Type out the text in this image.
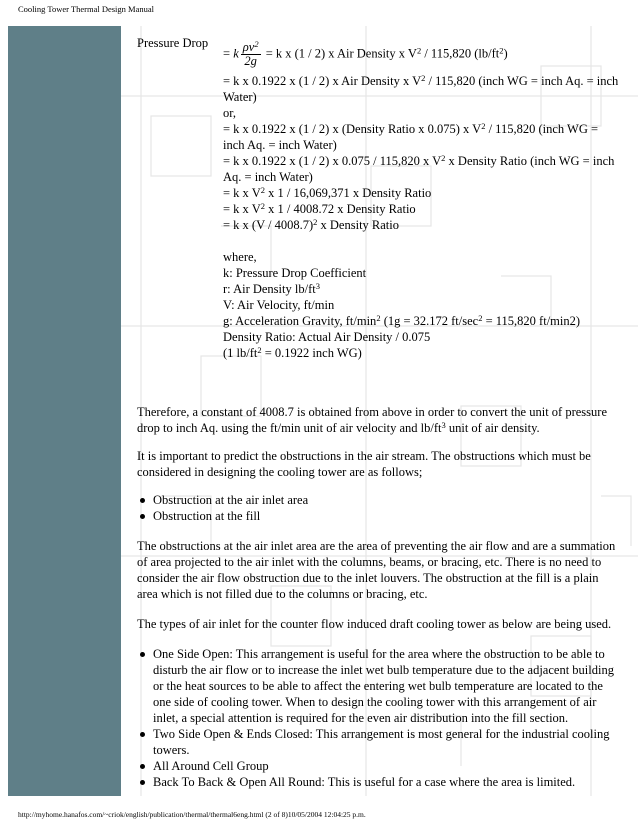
Cooling Tower Thermal Design Manual
Pressure Drop
= k $\frac{\rho v^2}{2g} = k$ x (1 / 2) x Air Density x $V^2 / 115,820$ $(lb/ft^2)$

= k x 0.1922 x (1 / 2) x Air Density x $V^2 / 115,820$ (inch WG = inch Aq. = inch Water)

or,

= k x 0.1922 x (1 / 2) x (Density Ratio x 0.075) x $V^2 / 115,820$ (inch WG = inch Aq. = inch Water)

= k x 0.1922 x (1 / 2) x 0.075 / 115,820 x $V^2$ x Density Ratio (inch WG = inch Aq. = inch Water)

= k x $V^2$ x 1 / 16,069,371 x Density Ratio

= k x $V^2$ x 1 / 4008.72 x Density Ratio

= k x (V / 4008.7)$^2$ x Density Ratio

where,

k: Pressure Drop Coefficient

r: Air Density $lb/ft^3$

V: Air Velocity, ft/min

g: Acceleration Gravity, $ft/\min^2$ (1g = 32.172 $ft/\sec^2 = 115,820$ ft/min2)

Density Ratio: Actual Air Density / 0.075

(1 $lb/ft^2 = 0.1922$ inch WG)

Therefore, a constant of 4008.7 is obtained from above in order to convert the unit of pressure drop to inch Aq. using the ft/min unit of air velocity and $lb/ft^3$ unit of air density.

It is important to predict the obstructions in the air stream. The obstructions which must be considered in designing the cooling tower are as follows;

Obstruction at the air inlet area
Obstruction at the fill

The obstructions at the air inlet area are the area of preventing the air flow and are a summation of area projected to the air inlet with the columns, beams, or bracing, etc. There is no need to consider the air flow obstruction due to the inlet louvers. The obstruction at the fill is a plain area which is not filled due to the columns or bracing, etc.

The types of air inlet for the counter flow induced draft cooling tower as below are being used.

One Side Open: This arrangement is useful for the area where the obstruction to be able to disturb the air flow or to increase the inlet wet bulb temperature due to the adjacent building or the heat sources to be able to affect the entering wet bulb temperature are located to the one side of cooling tower. When to design the cooling tower with this arrangement of air inlet, a special attention is required for the even air distribution into the fill section.
Two Side Open & Ends Closed: This arrangement is most general for the industrial cooling towers.
All Around Cell Group
Back To Back & Open All Round: This is useful for a case where the area is limited.
http://myhome.hanafos.com/~criok/english/publication/thermal/thermal6eng.html (2 of 8)10/05/2004 12:04:25 p.m.
